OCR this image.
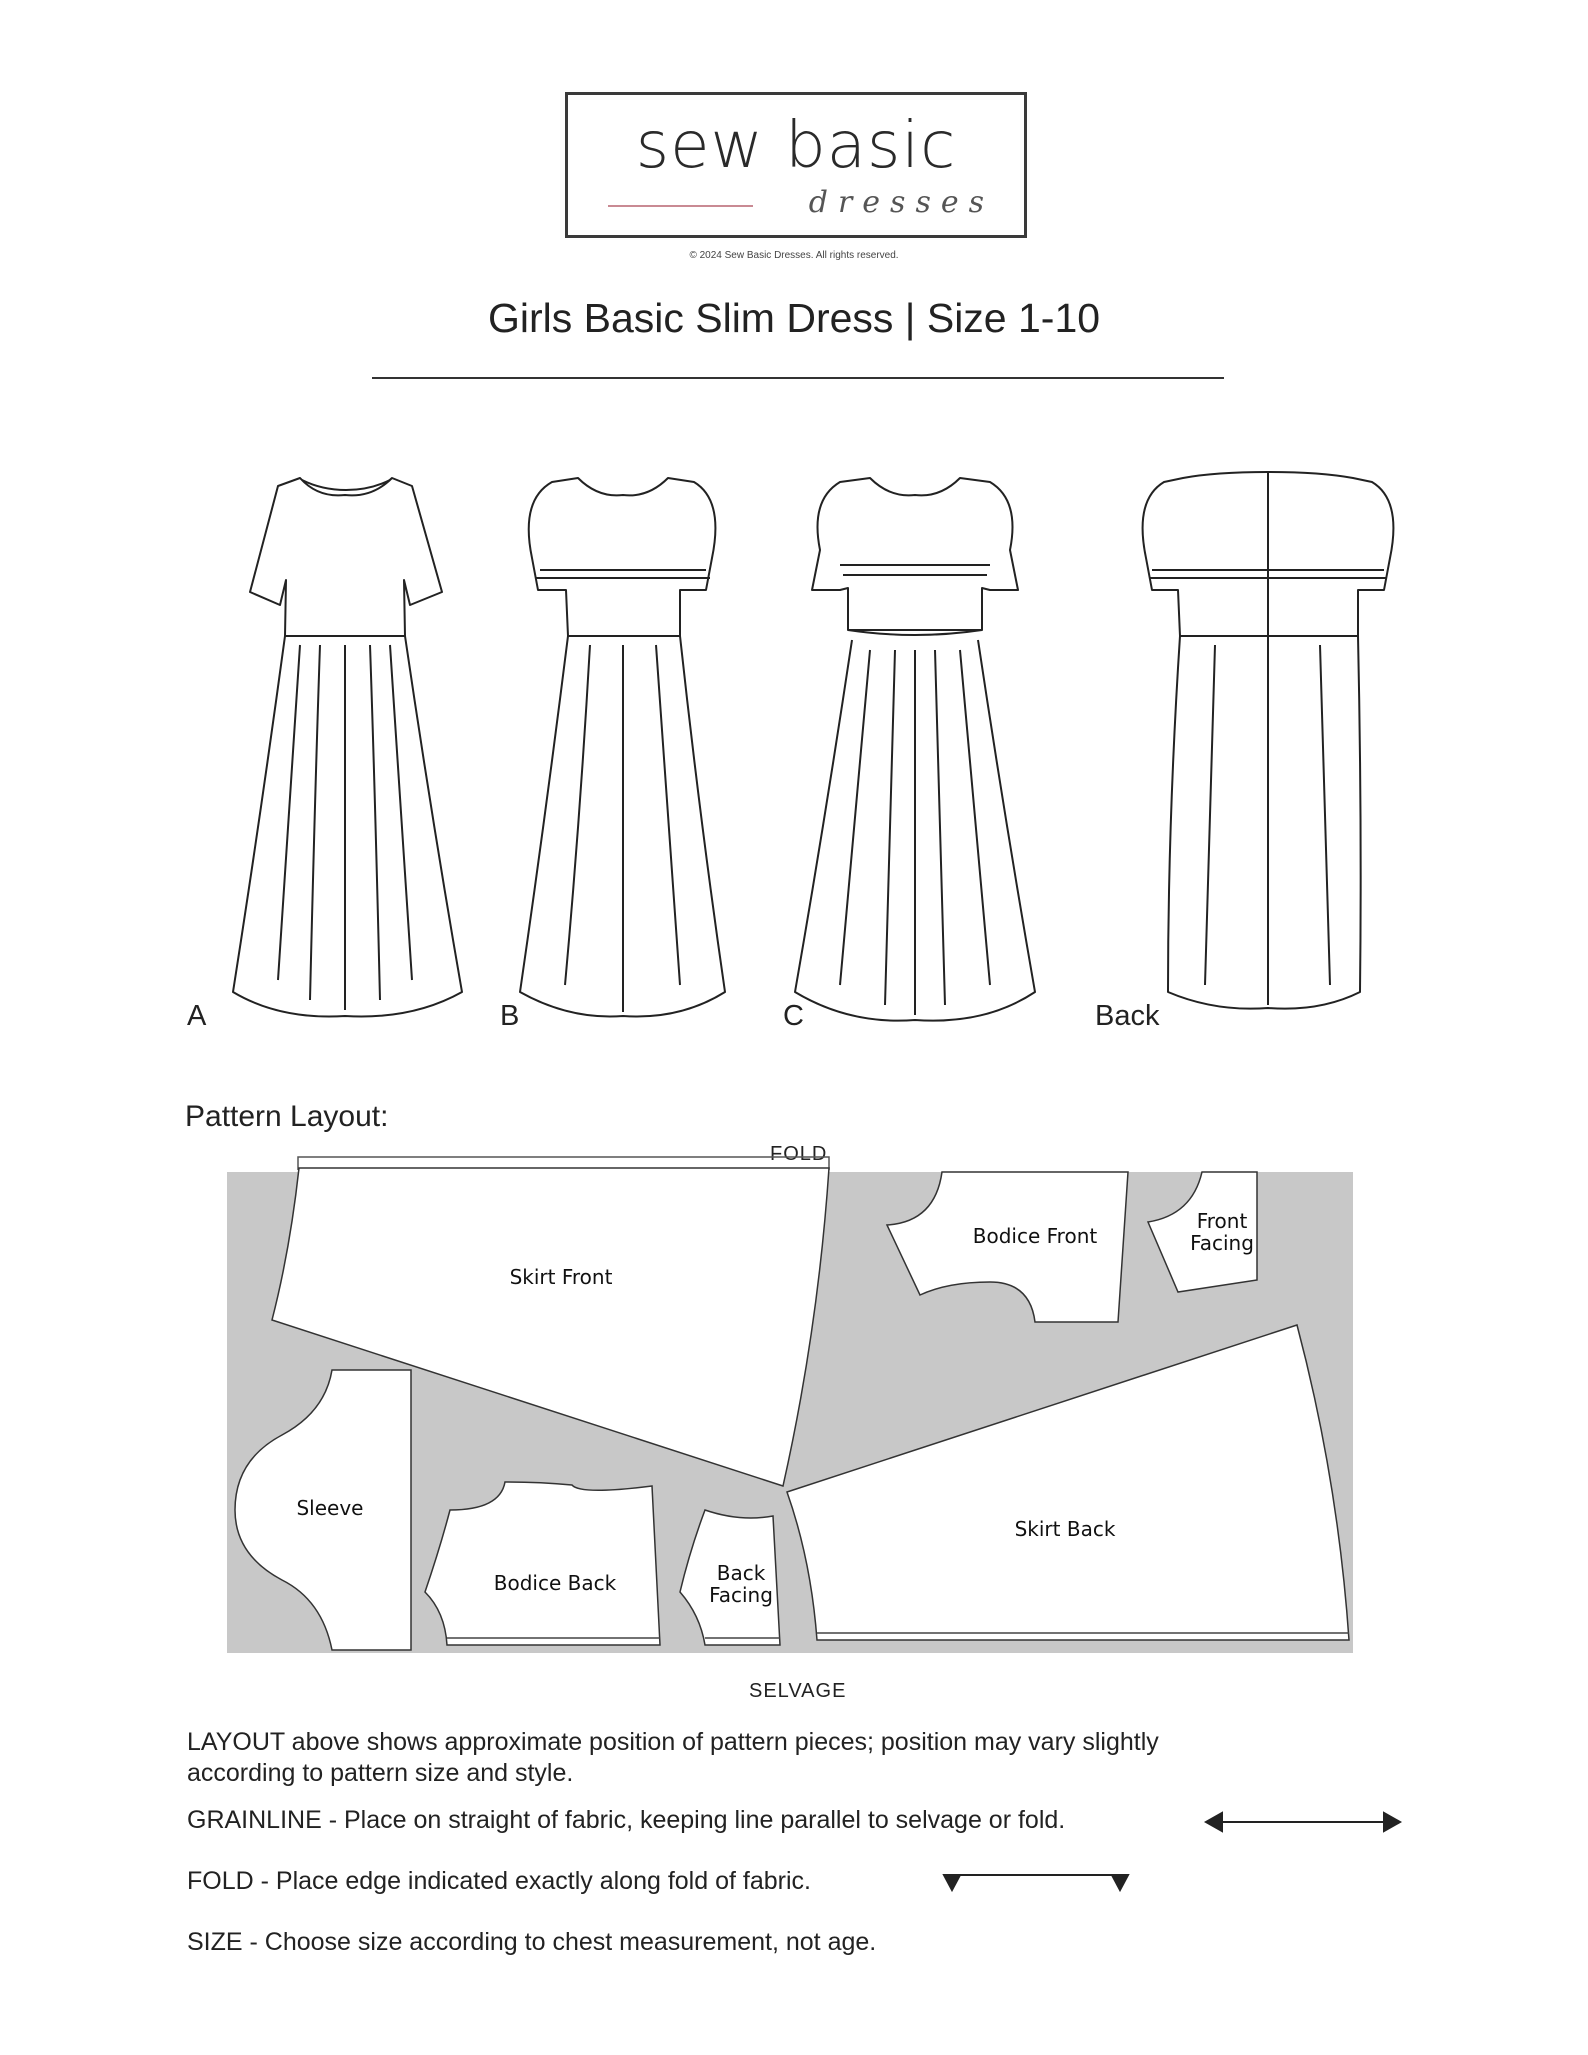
sew basic
dresses
© 2024 Sew Basic Dresses. All rights reserved.
Girls Basic Slim Dress | Size 1-10
A	B	C	Back
Pattern Layout:
FOLD
Skirt Front
Bodice Front
Front
Facing
Sleeve
Bodice Back	Back
Facing
Skirt Back
SELVAGE
LAYOUT above shows approximate position of pattern pieces; position may vary slightly
according to pattern size and style.
GRAINLINE - Place on straight of fabric, keeping line parallel to selvage or fold.
FOLD - Place edge indicated exactly along fold of fabric.
SIZE - Choose size according to chest measurement, not age.
